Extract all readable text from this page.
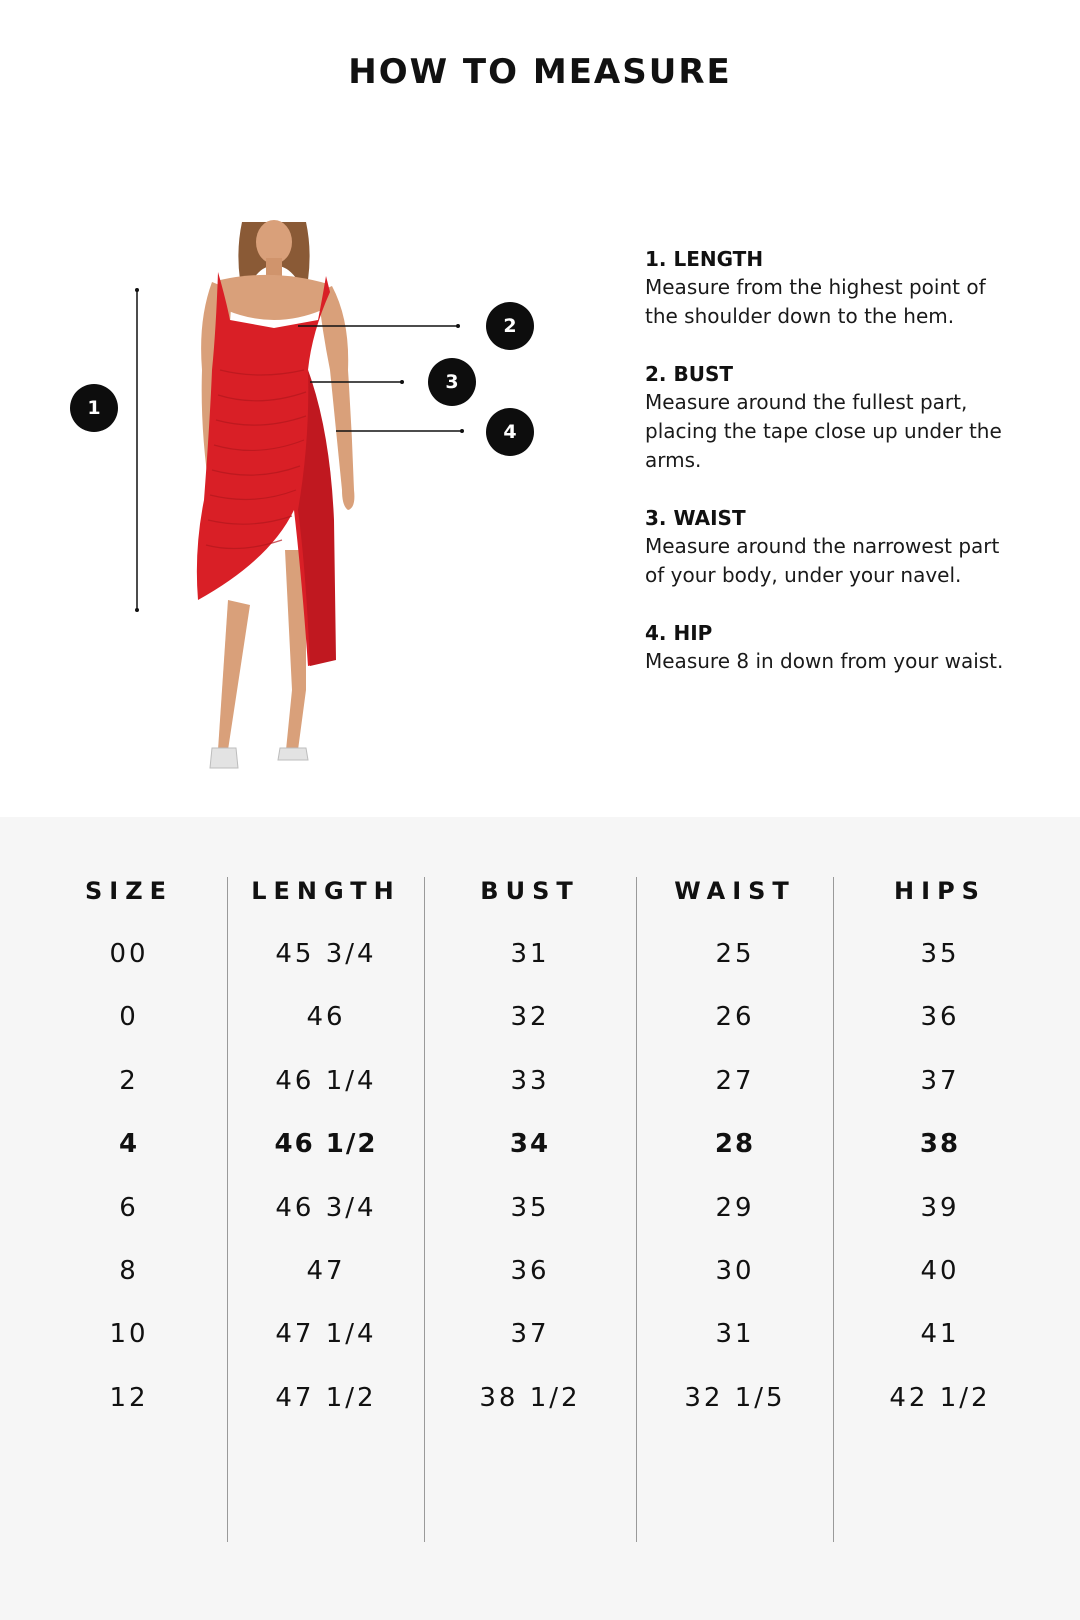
HOW TO MEASURE
1
2
3
4
1. LENGTH
Measure from the highest point of the shoulder down to the hem.
2. BUST
Measure around the fullest part, placing the tape close up under the arms.
3. WAIST
Measure around the narrowest part of your body, under your navel.
4. HIP
Measure 8 in down from your waist.
SIZE
00
0
2
4
6
8
10
12
LENGTH
45 3/4
46
46 1/4
46 1/2
46 3/4
47
47 1/4
47 1/2
BUST
31
32
33
34
35
36
37
38 1/2
WAIST
25
26
27
28
29
30
31
32 1/5
HIPS
35
36
37
38
39
40
41
42 1/2
